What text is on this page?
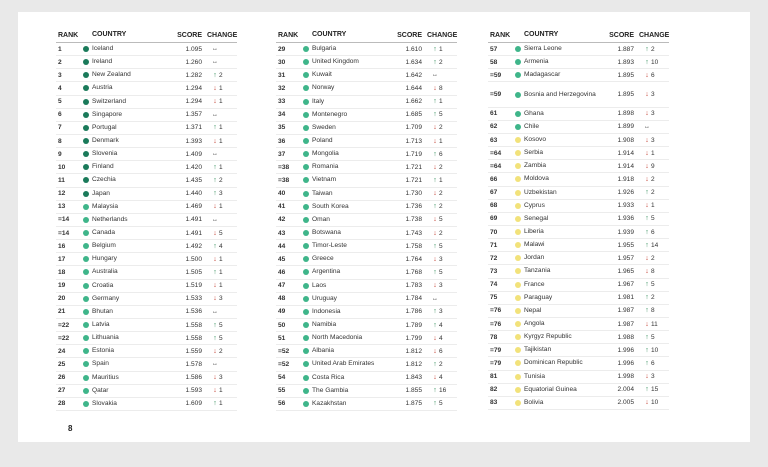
RANK COUNTRY	SCORE CHANGE
1	Iceland	1.095	↔
2	Ireland	1.260	↔
3	New Zealand	1.282	↑ 2
4	Austria	1.294	↓ 1
5	Switzerland	1.294	↓ 1
6	Singapore	1.357	↔
7	Portugal	1.371	↑ 1
8	Denmark	1.393	↓ 1
9	Slovenia	1.409	↔
10	Finland	1.420	↑ 1
11	Czechia	1.435	↑ 2
12	Japan	1.440	↑ 3
13	Malaysia	1.469	↓ 1
=14	Netherlands	1.491	↔
=14	Canada	1.491	↓ 5
16	Belgium	1.492	↑ 4
17	Hungary	1.500	↓ 1
18	Australia	1.505	↑ 1
19	Croatia	1.519	↓ 1
20	Germany	1.533	↓ 3
21	Bhutan	1.536	↔
=22	Latvia	1.558	↑ 5
=22	Lithuania	1.558	↑ 5
24	Estonia	1.559	↓ 2
25	Spain	1.578	↔
26	Mauritius	1.586	↓ 3
27	Qatar	1.593	↓ 1
28	Slovakia	1.609	↑ 1
RANK COUNTRY	SCORE CHANGE
29	Bulgaria	1.610	↑ 1
30	United Kingdom	1.634	↑ 2
31	Kuwait	1.642	↔
32	Norway	1.644	↓ 8
33	Italy	1.662	↑ 1
34	Montenegro	1.685	↑ 5
35	Sweden	1.709	↓ 2
36	Poland	1.713	↓ 1
37	Mongolia	1.719	↑ 6
=38	Romania	1.721	↓ 2
=38	Vietnam	1.721	↑ 1
40	Taiwan	1.730	↓ 2
41	South Korea	1.736	↑ 2
42	Oman	1.738	↓ 5
43	Botswana	1.743	↓ 2
44	Timor-Leste	1.758	↑ 5
45	Greece	1.764	↓ 3
46	Argentina	1.768	↑ 5
47	Laos	1.783	↓ 3
48	Uruguay	1.784	↔
49	Indonesia	1.786	↑ 3
50	Namibia	1.789	↑ 4
51	North Macedonia	1.799	↓ 4
=52	Albania	1.812	↓ 6
=52	United Arab Emirates	1.812	↑ 2
54	Costa Rica	1.843	↓ 4
55	The Gambia	1.855	↑ 16
56	Kazakhstan	1.875	↑ 5
RANK COUNTRY	SCORE CHANGE
57	Sierra Leone	1.887	↑ 2
58	Armenia	1.893	↑ 10
=59	Madagascar	1.895	↓ 6
=59	Bosnia and Herzegovina	1.895	↓ 3
61	Ghana	1.898	↓ 3
62	Chile	1.899	↔
63	Kosovo	1.908	↓ 3
=64	Serbia	1.914	↓ 1
=64	Zambia	1.914	↓ 9
66	Moldova	1.918	↓ 2
67	Uzbekistan	1.926	↑ 2
68	Cyprus	1.933	↓ 1
69	Senegal	1.936	↑ 5
70	Liberia	1.939	↑ 6
71	Malawi	1.955	↑ 14
72	Jordan	1.957	↓ 2
73	Tanzania	1.965	↓ 8
74	France	1.967	↑ 5
75	Paraguay	1.981	↑ 2
=76	Nepal	1.987	↑ 8
=76	Angola	1.987	↓ 11
78	Kyrgyz Republic	1.988	↑ 5
=79	Tajikistan	1.996	↑ 10
=79	Dominican Republic	1.996	↑ 6
81	Tunisia	1.998	↓ 3
82	Equatorial Guinea	2.004	↑ 15
83	Bolivia	2.005	↓ 10
8
